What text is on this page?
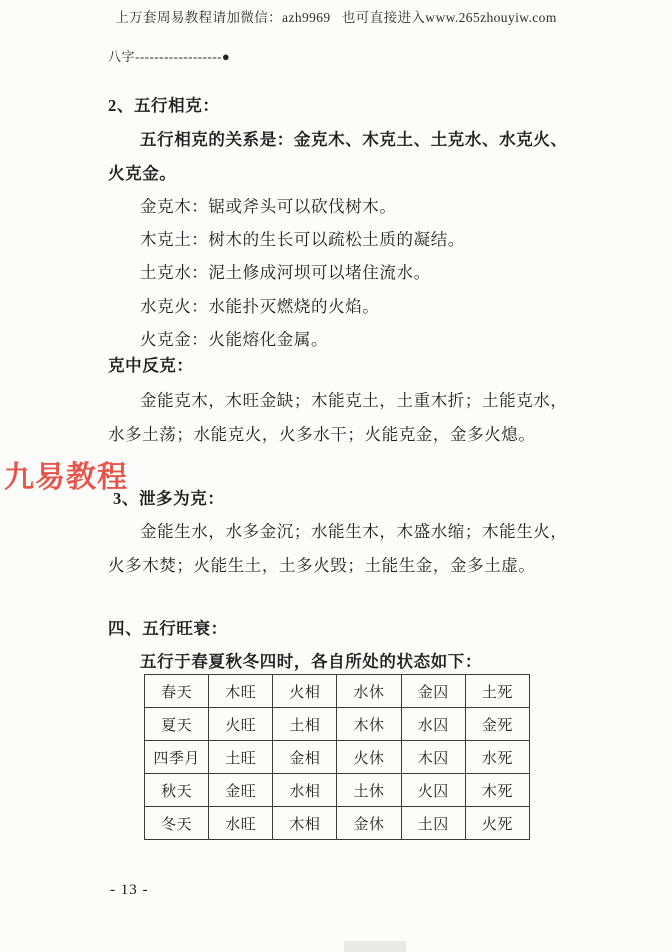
上万套周易教程请加微信：azh9969   也可直接进入www.265zhouyiw.com
八字------------------●
2、五行相克：
五行相克的关系是：金克木、木克土、土克水、水克火、
火克金。
金克木：锯或斧头可以砍伐树木。
木克土：树木的生长可以疏松土质的凝结。
土克水：泥土修成河坝可以堵住流水。
水克火：水能扑灭燃烧的火焰。
火克金：火能熔化金属。
克中反克：
金能克木，木旺金缺；木能克土，土重木折；土能克水，
水多土荡；水能克火，火多水干；火能克金，金多火熄。
九易教程
3、泄多为克：
金能生水，水多金沉；水能生木，木盛水缩；木能生火，
火多木焚；火能生土，土多火毁；土能生金，金多土虚。
四、五行旺衰：
五行于春夏秋冬四时，各自所处的状态如下：
春天	木旺	火相	水休	金囚	土死
夏天	火旺	土相	木休	水囚	金死
四季月	土旺	金相	火休	木囚	水死
秋天	金旺	水相	土休	火囚	木死
冬天	水旺	木相	金休	土囚	火死
- 13 -
